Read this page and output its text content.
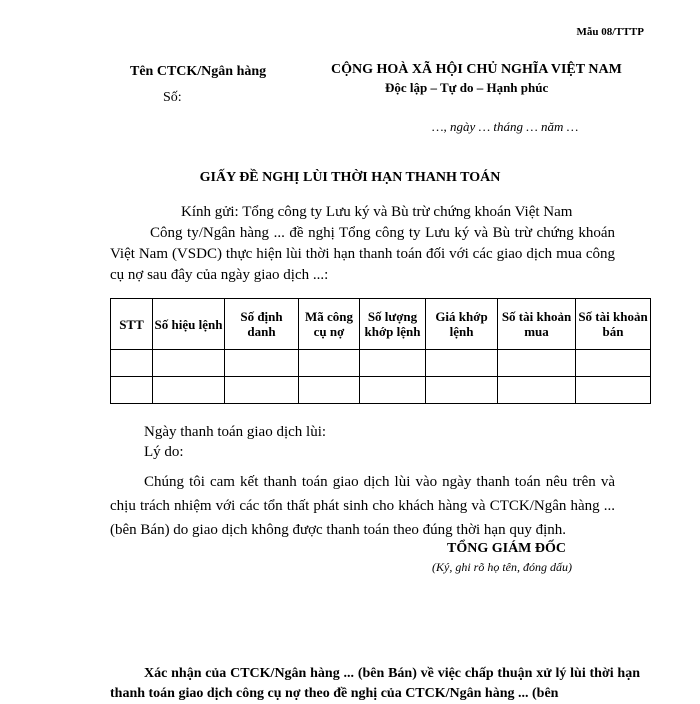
Mẫu 08/TTTP
Tên CTCK/Ngân hàng
Số:
CỘNG HOÀ XÃ HỘI CHỦ NGHĨA VIỆT NAM
Độc lập – Tự do – Hạnh phúc
…, ngày … tháng … năm …
GIẤY ĐỀ NGHỊ LÙI THỜI HẠN THANH TOÁN
Kính gửi: Tổng công ty Lưu ký và Bù trừ chứng khoán Việt Nam

Công ty/Ngân hàng ... đề nghị Tổng công ty Lưu ký và Bù trừ chứng khoán Việt Nam (VSDC) thực hiện lùi thời hạn thanh toán đối với các giao dịch mua công cụ nợ sau đây của ngày giao dịch ...:

STT	Số hiệu lệnh	Số định danh	Mã công cụ nợ	Số lượng khớp lệnh	Giá khớp lệnh	Số tài khoản mua	Số tài khoản bán

Ngày thanh toán giao dịch lùi:
Lý do:

Chúng tôi cam kết thanh toán giao dịch lùi vào ngày thanh toán nêu trên và chịu trách nhiệm với các tổn thất phát sinh cho khách hàng và CTCK/Ngân hàng ... (bên Bán) do giao dịch không được thanh toán theo đúng thời hạn quy định.

TỔNG GIÁM ĐỐC
(Ký, ghi rõ họ tên, đóng dấu)

Xác nhận của CTCK/Ngân hàng ... (bên Bán) về việc chấp thuận xử lý lùi thời hạn thanh toán giao dịch công cụ nợ theo đề nghị của CTCK/Ngân hàng ... (bên
